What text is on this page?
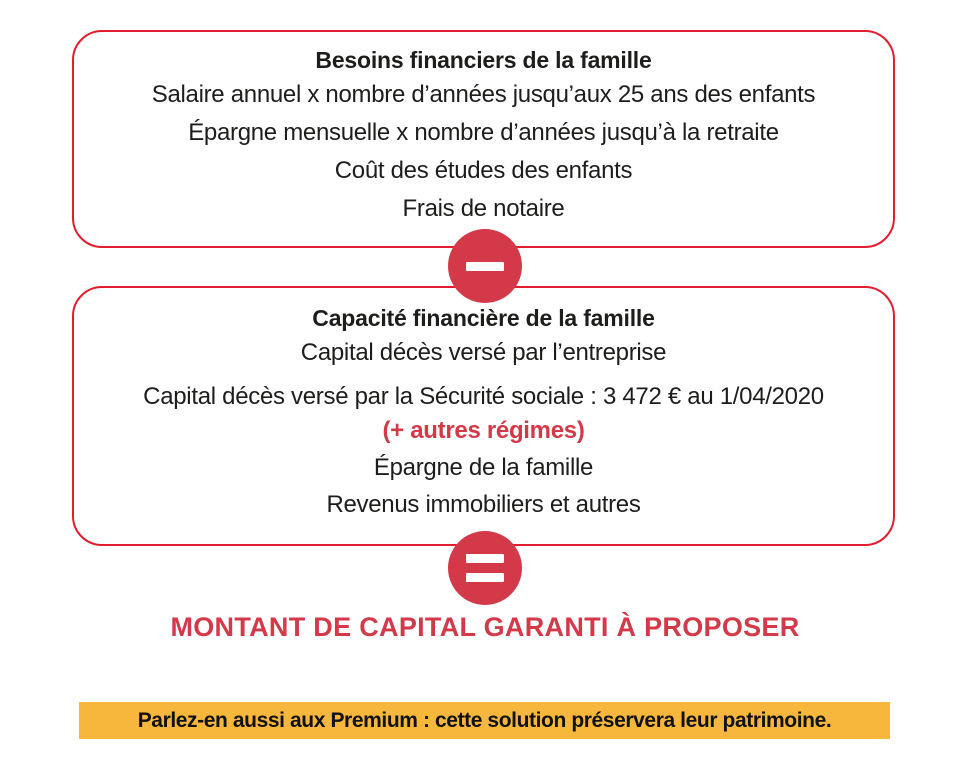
Besoins financiers de la famille
Salaire annuel x nombre d’années jusqu’aux 25 ans des enfants
Épargne mensuelle x nombre d’années jusqu’à la retraite
Coût des études des enfants
Frais de notaire
Capacité financière de la famille
Capital décès versé par l’entreprise
Capital décès versé par la Sécurité sociale : 3 472 € au 1/04/2020
(+ autres régimes)
Épargne de la famille
Revenus immobiliers et autres
MONTANT DE CAPITAL GARANTI À PROPOSER
Parlez-en aussi aux Premium : cette solution préservera leur patrimoine.
